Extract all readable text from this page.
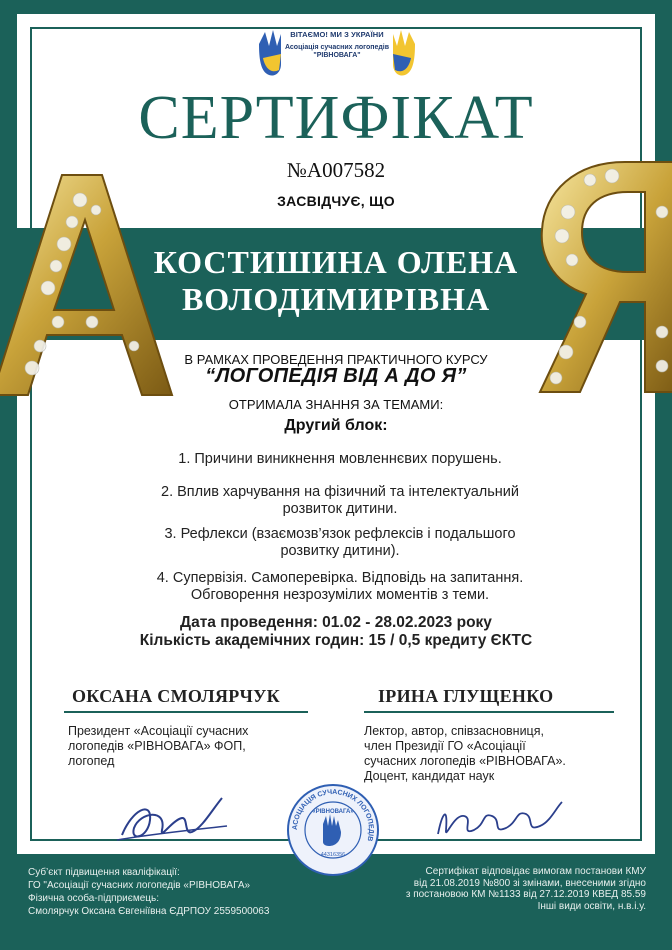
ВІТАЄМО! МИ З УКРАЇНИ
Асоціація сучасних логопедів "РІВНОВАГА"
СЕРТИФІКАТ
№А007582
ЗАСВІДЧУЄ, ЩО
КОСТИШИНА ОЛЕНА
ВОЛОДИМИРІВНА
В РАМКАХ ПРОВЕДЕННЯ ПРАКТИЧНОГО КУРСУ
“ЛОГОПЕДІЯ ВІД А ДО Я”
ОТРИМАЛА ЗНАННЯ ЗА ТЕМАМИ:
Другий блок:
1. Причини виникнення мовленнєвих порушень.
2. Вплив харчування на фізичний та інтелектуальний
розвиток дитини.
3. Рефлекси (взаємозв’язок рефлексів і подальшого
розвитку дитини).
4. Супервізія. Самоперевірка. Відповідь на запитання.
Обговорення незрозумілих моментів з теми.
Дата проведення: 01.02 - 28.02.2023 року
Кількість академічних годин: 15 / 0,5 кредиту ЄКТС
ОКСАНА СМОЛЯРЧУК
Президент «Асоціації сучасних
логопедів «РІВНОВАГА» ФОП,
логопед
ІРИНА ГЛУЩЕНКО
Лектор, автор, співзасновниця,
член Президії ГО «Асоціації
сучасних логопедів «РІВНОВАГА».
Доцент, кандидат наук
АСОЦІАЦІЯ СУЧАСНИХ ЛОГОПЕДІВ
«РІВНОВАГА»
44316356
Суб’єкт підвищення кваліфікації:
ГО "Асоціації сучасних логопедів «РІВНОВАГА»
Фізична особа-підприємець:
Смолярчук Оксана Євгеніївна ЄДРПОУ 2559500063
Сертифікат відповідає вимогам постанови КМУ
від 21.08.2019 №800 зі змінами, внесеними згідно
з постановою КМ №1133 від 27.12.2019 КВЕД 85.59
Інші види освіти, н.в.і.у.
